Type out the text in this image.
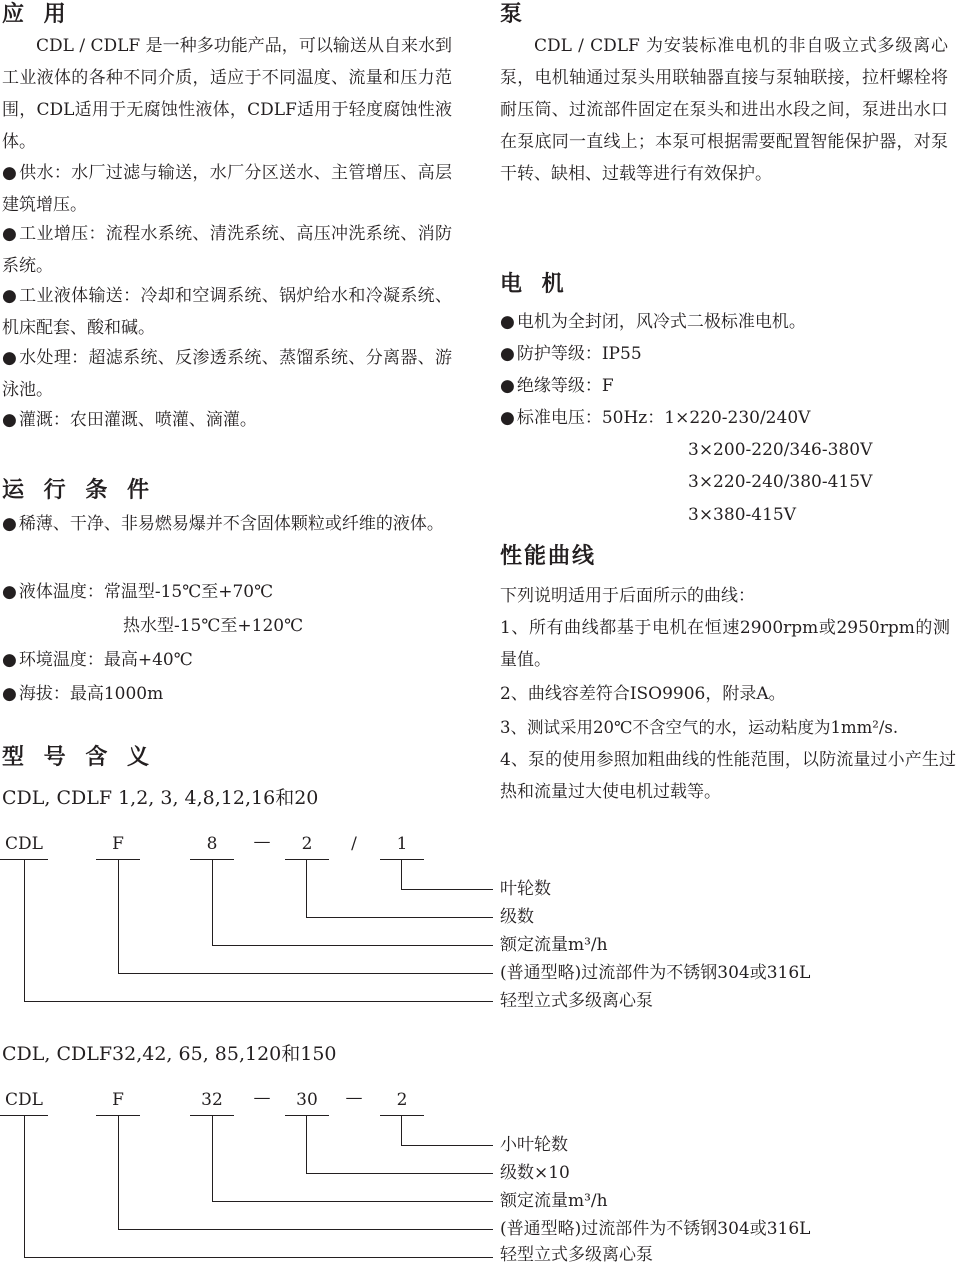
应 用

CDL / CDLF 是一种多功能产品，可以输送从自来水到工业液体的各种不同介质，适应于不同温度、流量和压力范围，CDL适用于无腐蚀性液体，CDLF适用于轻度腐蚀性液体。

● 供水：水厂过滤与输送，水厂分区送水、主管增压、高层建筑增压。

● 工业增压：流程水系统、清洗系统、高压冲洗系统、消防系统。

● 工业液体输送：冷却和空调系统、锅炉给水和冷凝系统、机床配套、酸和碱。

● 水处理：超滤系统、反渗透系统、蒸馏系统、分离器、游泳池。

● 灌溉：农田灌溉、喷灌、滴灌。

运 行 条 件

● 稀薄、干净、非易燃易爆并不含固体颗粒或纤维的液体。

● 液体温度：常温型-15℃至+70℃

热水型-15℃至+120℃

● 环境温度：最高+40℃

● 海拔：最高1000m

型 号 含 义
CDL, CDLF 1,2, 3, 4,8,12,16和20
CDL	F	8	—	2	/	1
叶轮数
级数
额定流量m³/h
(普通型略)过流部件为不锈钢304或316L
轻型立式多级离心泵
CDL, CDLF32,42, 65, 85,120和150
CDL	F	32	—	30	—	2
小叶轮数
级数×10
额定流量m³/h
(普通型略)过流部件为不锈钢304或316L
轻型立式多级离心泵
泵

CDL / CDLF 为安装标准电机的非自吸立式多级离心泵，电机轴通过泵头用联轴器直接与泵轴联接，拉杆螺栓将耐压筒、过流部件固定在泵头和进出水段之间，泵进出水口在泵底同一直线上；本泵可根据需要配置智能保护器，对泵干转、缺相、过载等进行有效保护。

电 机

● 电机为全封闭，风冷式二极标准电机。

● 防护等级：IP55

● 绝缘等级：F

● 标准电压：50Hz：1×220-230/240V

3×200-220/346-380V
3×220-240/380-415V
3×380-415V
性能曲线
下列说明适用于后面所示的曲线：

1、所有曲线都基于电机在恒速2900rpm或2950rpm的测量值。

2、曲线容差符合ISO9906，附录A。
3、测试采用20℃不含空气的水，运动粘度为1mm²/s.

4、泵的使用参照加粗曲线的性能范围，以防流量过小产生过热和流量过大使电机过载等。
